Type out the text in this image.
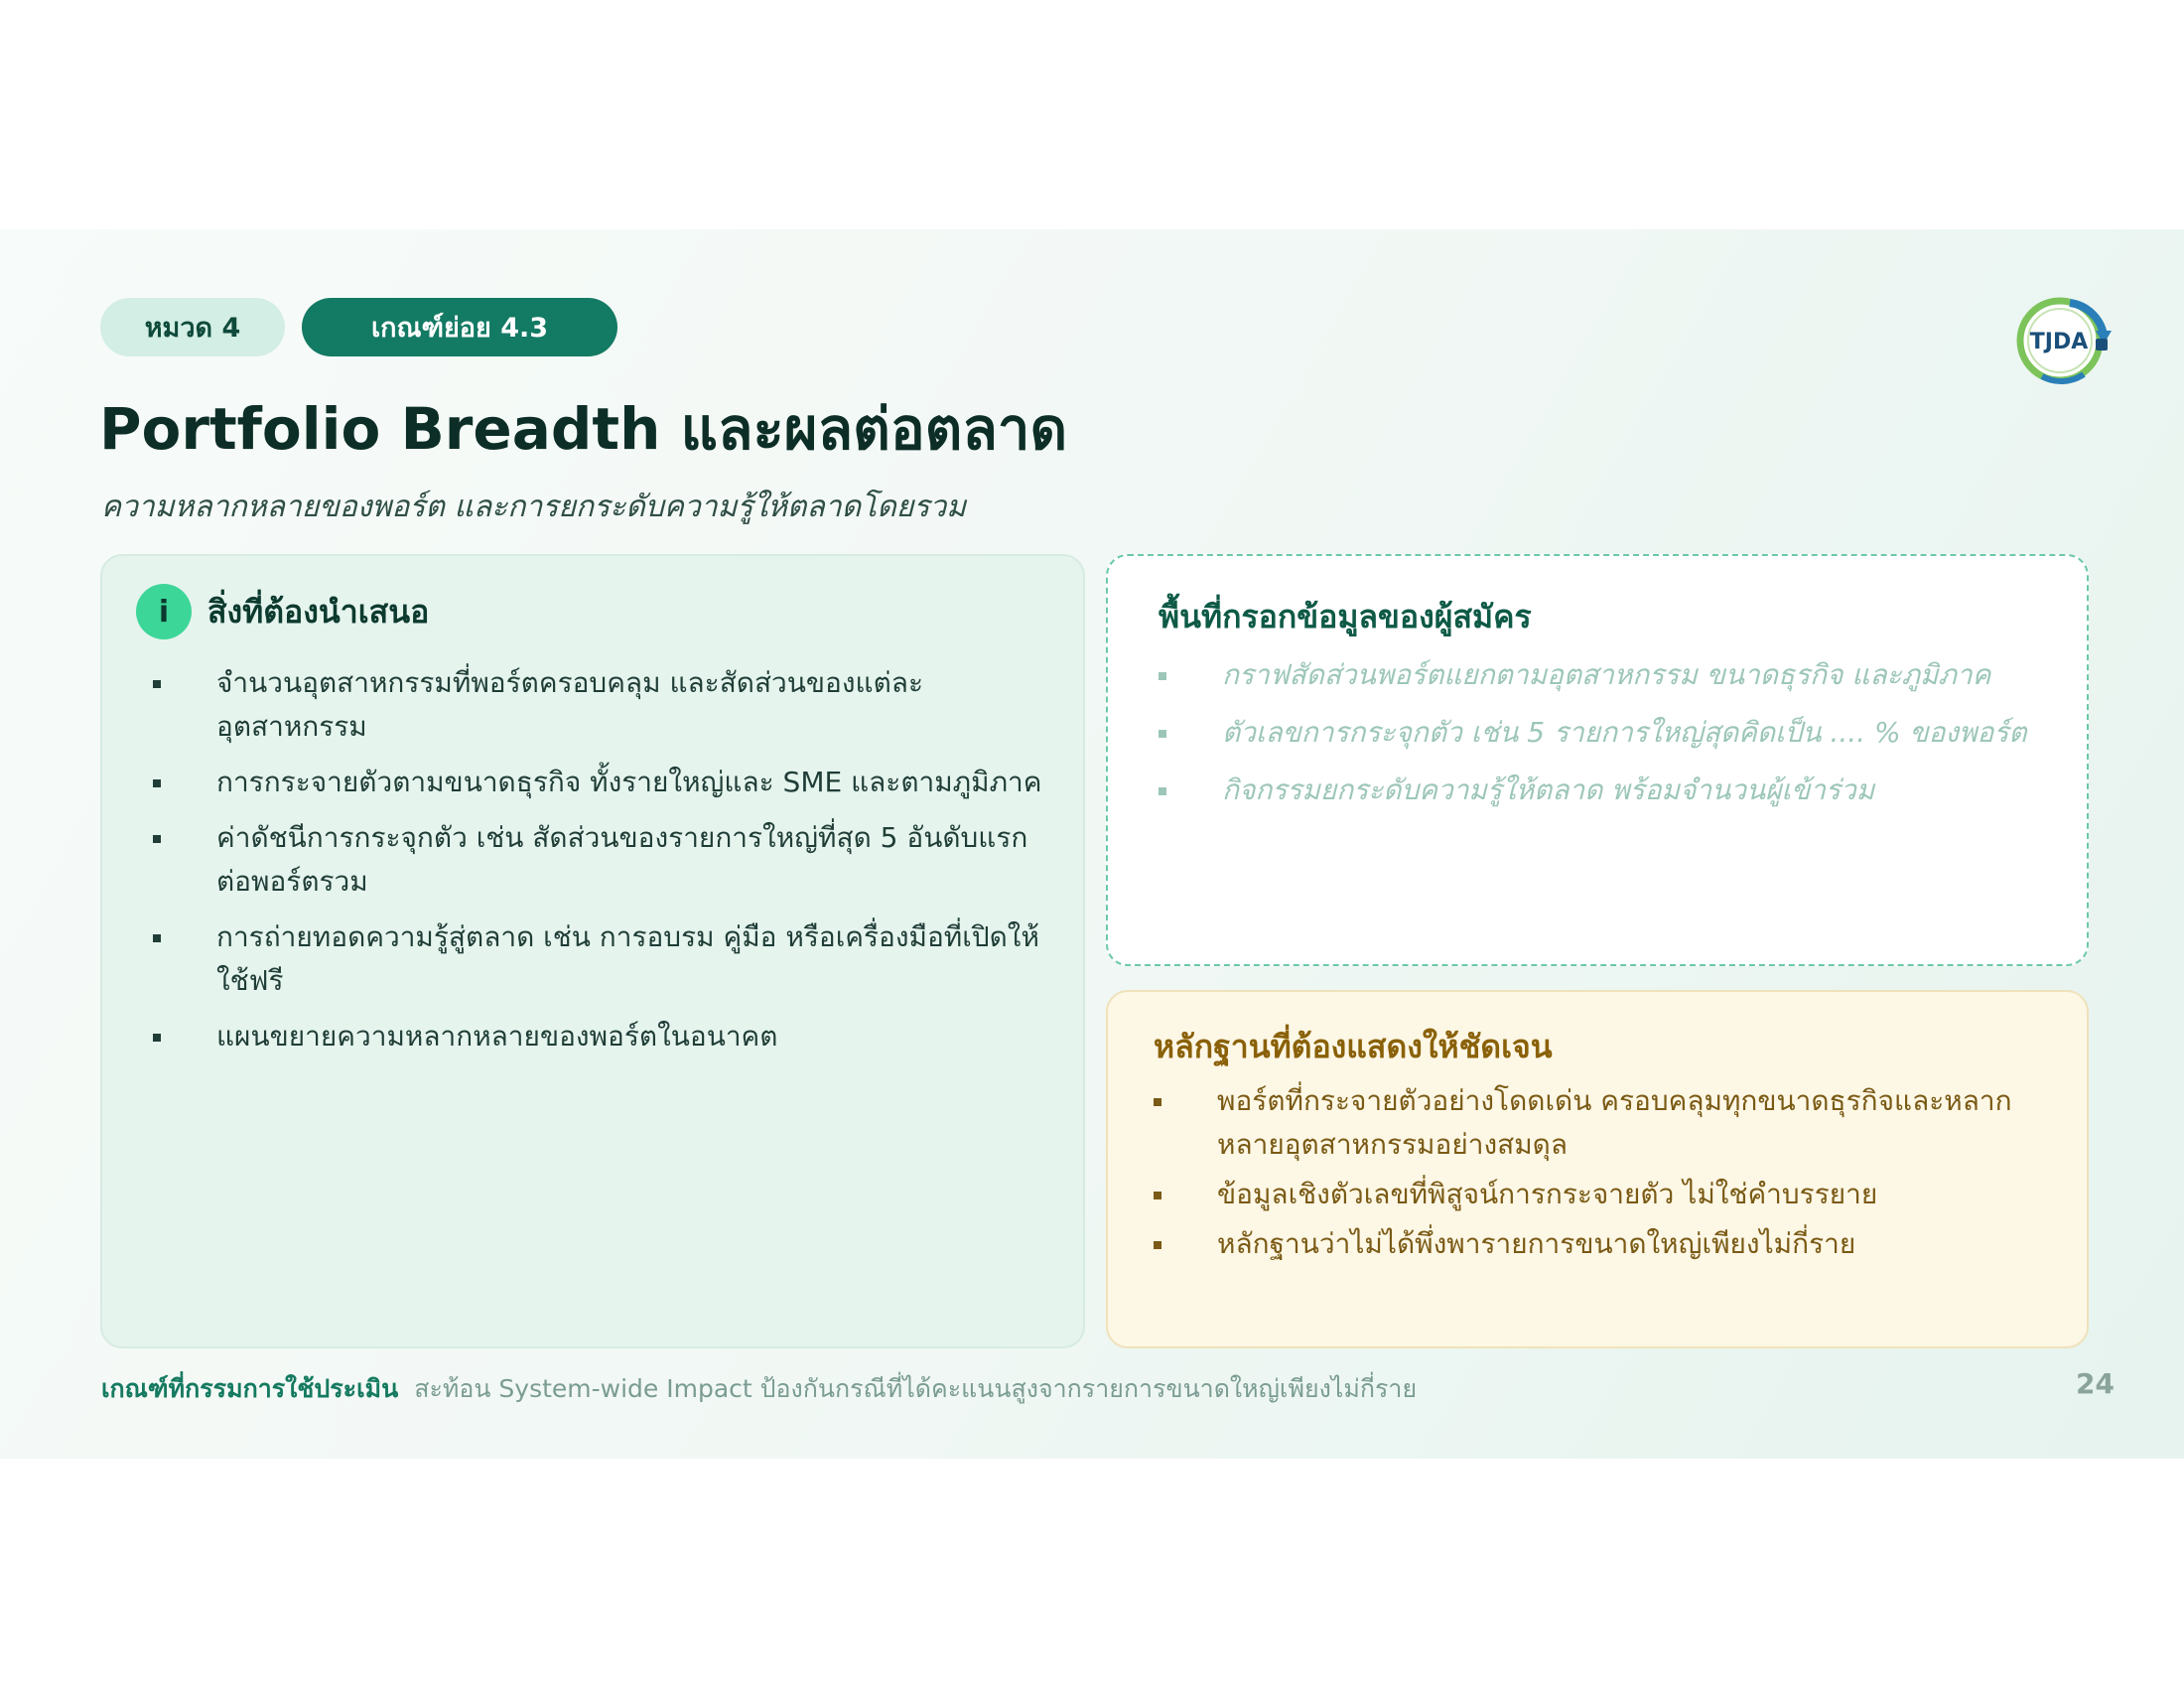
หมวด 4	เกณฑ์ย่อย 4.3	TJDA
Portfolio Breadth และผลต่อตลาด

ความหลากหลายของพอร์ต และการยกระดับความรู้ให้ตลาดโดยรวม

i	สิ่งที่ต้องนำเสนอ
จำนวนอุตสาหกรรมที่พอร์ตครอบคลุม และสัดส่วนของแต่ละอุตสาหกรรม
การกระจายตัวตามขนาดธุรกิจ ทั้งรายใหญ่และ SME และตามภูมิภาค
ค่าดัชนีการกระจุกตัว เช่น สัดส่วนของรายการใหญ่ที่สุด 5 อันดับแรกต่อพอร์ตรวม
การถ่ายทอดความรู้สู่ตลาด เช่น การอบรม คู่มือ หรือเครื่องมือที่เปิดให้ใช้ฟรี
แผนขยายความหลากหลายของพอร์ตในอนาคต
พื้นที่กรอกข้อมูลของผู้สมัคร
กราฟสัดส่วนพอร์ตแยกตามอุตสาหกรรม ขนาดธุรกิจ และภูมิภาค
ตัวเลขการกระจุกตัว เช่น 5 รายการใหญ่สุดคิดเป็น .... % ของพอร์ต
กิจกรรมยกระดับความรู้ให้ตลาด พร้อมจำนวนผู้เข้าร่วม
หลักฐานที่ต้องแสดงให้ชัดเจน
พอร์ตที่กระจายตัวอย่างโดดเด่น ครอบคลุมทุกขนาดธุรกิจและหลากหลายอุตสาหกรรมอย่างสมดุล
ข้อมูลเชิงตัวเลขที่พิสูจน์การกระจายตัว ไม่ใช่คำบรรยาย
หลักฐานว่าไม่ได้พึ่งพารายการขนาดใหญ่เพียงไม่กี่ราย
เกณฑ์ที่กรรมการใช้ประเมิน สะท้อน System-wide Impact ป้องกันกรณีที่ได้คะแนนสูงจากรายการขนาดใหญ่เพียงไม่กี่ราย	24
